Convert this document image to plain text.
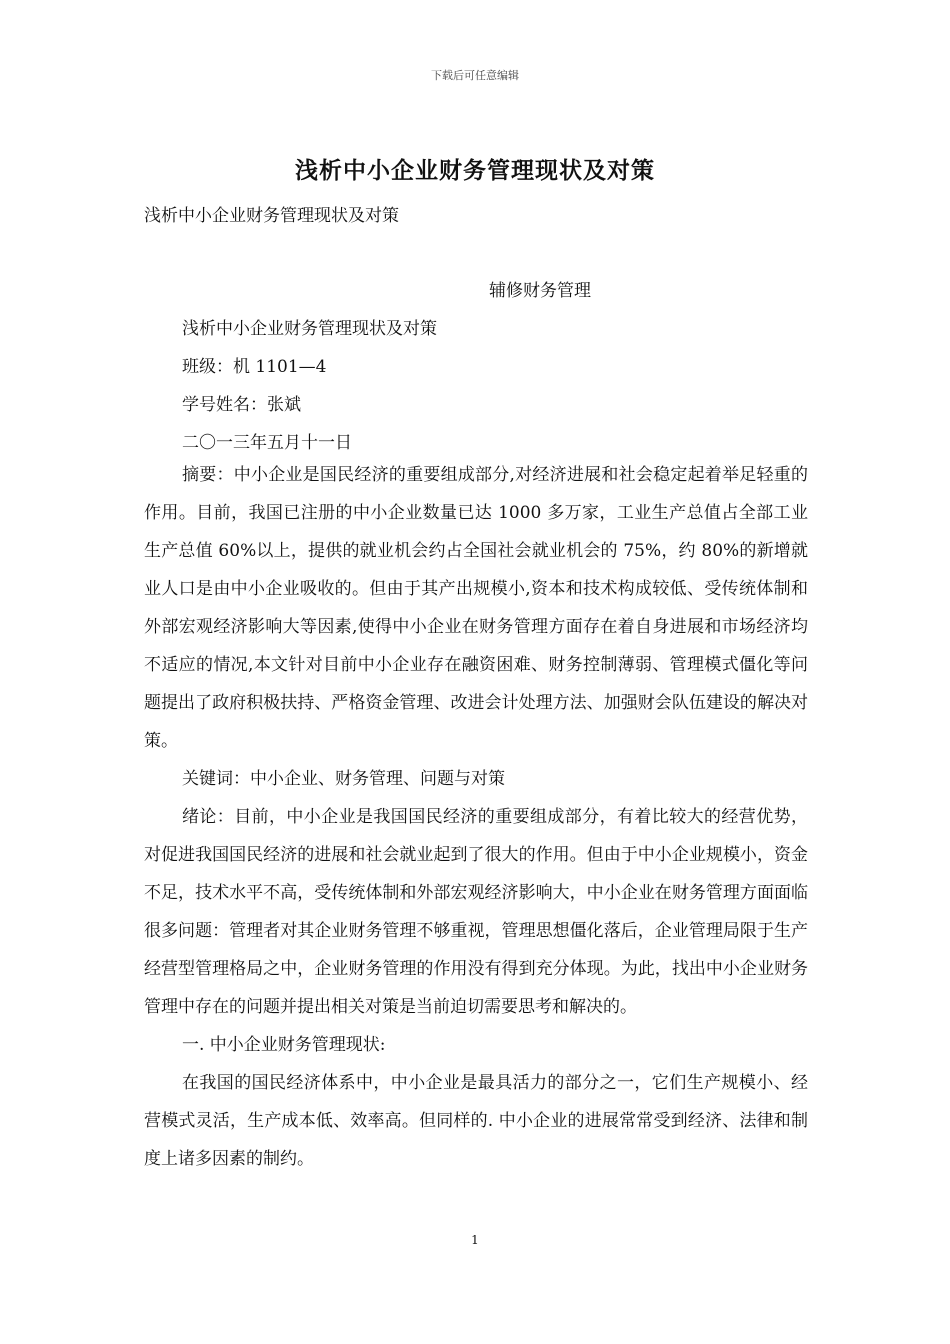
下载后可任意编辑
浅析中小企业财务管理现状及对策
浅析中小企业财务管理现状及对策
辅修财务管理
浅析中小企业财务管理现状及对策
班级：机 1101—4
学号姓名：张斌
二〇一三年五月十一日

摘要：中小企业是国民经济的重要组成部分,对经济进展和社会稳定起着举足轻重的作用。目前，我国已注册的中小企业数量已达 1000 多万家，工业生产总值占全部工业生产总值 60%以上，提供的就业机会约占全国社会就业机会的 75%，约 80%的新增就业人口是由中小企业吸收的。但由于其产出规模小,资本和技术构成较低、受传统体制和外部宏观经济影响大等因素,使得中小企业在财务管理方面存在着自身进展和市场经济均不适应的情况,本文针对目前中小企业存在融资困难、财务控制薄弱、管理模式僵化等问题提出了政府积极扶持、严格资金管理、改进会计处理方法、加强财会队伍建设的解决对策。

关键词：中小企业、财务管理、问题与对策

绪论：目前，中小企业是我国国民经济的重要组成部分，有着比较大的经营优势，对促进我国国民经济的进展和社会就业起到了很大的作用。但由于中小企业规模小，资金不足，技术水平不高，受传统体制和外部宏观经济影响大，中小企业在财务管理方面面临很多问题：管理者对其企业财务管理不够重视，管理思想僵化落后，企业管理局限于生产经营型管理格局之中，企业财务管理的作用没有得到充分体现。为此，找出中小企业财务管理中存在的问题并提出相关对策是当前迫切需要思考和解决的。

一. 中小企业财务管理现状:

在我国的国民经济体系中，中小企业是最具活力的部分之一，它们生产规模小、经营模式灵活，生产成本低、效率高。但同样的. 中小企业的进展常常受到经济、法律和制度上诸多因素的制约。

1
